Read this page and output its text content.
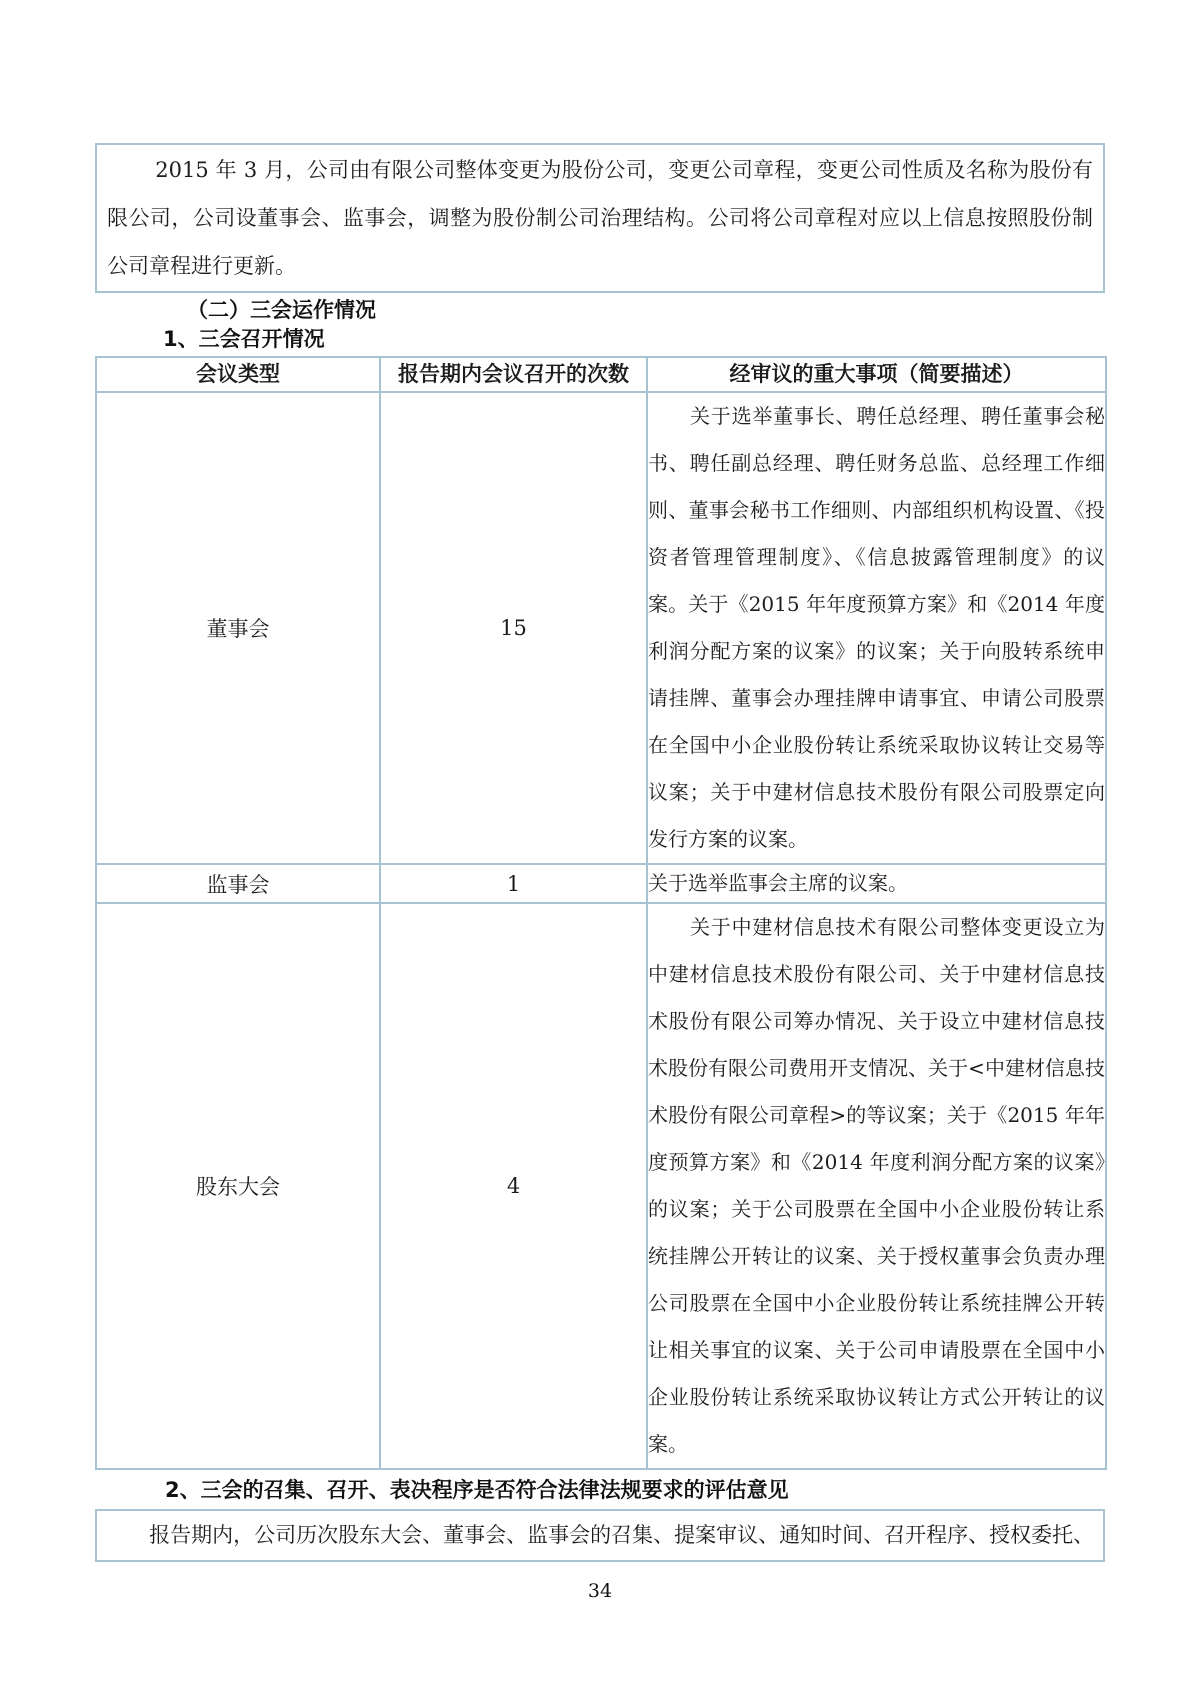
2015 年 3 月，公司由有限公司整体变更为股份公司，变更公司章程，变更公司性质及名称为股份有限公司，公司设董事会、监事会，调整为股份制公司治理结构。公司将公司章程对应以上信息按照股份制公司章程进行更新。

（二）三会运作情况

1、三会召开情况

会议类型	报告期内会议召开的次数	经审议的重大事项（简要描述）
董事会	15	关于选举董事长、聘任总经理、聘任董事会秘书、聘任副总经理、聘任财务总监、总经理工作细则、董事会秘书工作细则、内部组织机构设置、《投资者管理管理制度》、《信息披露管理制度》的议案。关于《2015 年年度预算方案》和《2014 年度利润分配方案的议案》的议案；关于向股转系统申请挂牌、董事会办理挂牌申请事宜、申请公司股票在全国中小企业股份转让系统采取协议转让交易等议案；关于中建材信息技术股份有限公司股票定向发行方案的议案。

监事会	1	关于选举监事会主席的议案。

股东大会	4	关于中建材信息技术有限公司整体变更设立为中建材信息技术股份有限公司、关于中建材信息技术股份有限公司筹办情况、关于设立中建材信息技术股份有限公司费用开支情况、关于<中建材信息技术股份有限公司章程>的等议案；关于《2015 年年度预算方案》和《2014 年度利润分配方案的议案》的议案；关于公司股票在全国中小企业股份转让系统挂牌公开转让的议案、关于授权董事会负责办理公司股票在全国中小企业股份转让系统挂牌公开转让相关事宜的议案、关于公司申请股票在全国中小企业股份转让系统采取协议转让方式公开转让的议案。

2、三会的召集、召开、表决程序是否符合法律法规要求的评估意见

报告期内，公司历次股东大会、董事会、监事会的召集、提案审议、通知时间、召开程序、授权委托、

34
